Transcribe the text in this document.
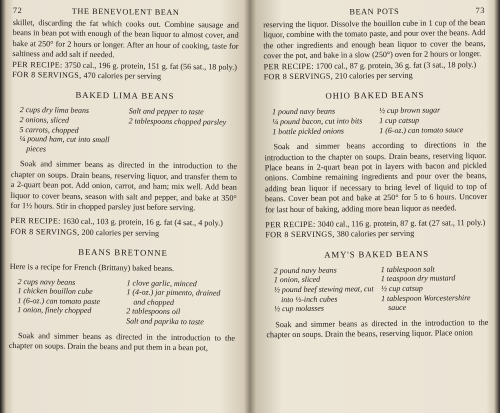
72	THE BENEVOLENT BEAN

skillet, discarding the fat which cooks out. Combine sausage and beans in bean pot with enough of the bean liquor to almost cover, and bake at 250° for 2 hours or longer. After an hour of cooking, taste for saltiness and add salt if needed.

PER RECIPE: 3750 cal., 196 g. protein, 151 g. fat (56 sat., 18 poly.)

FOR 8 SERVINGS, 470 calories per serving

BAKED LIMA BEANS
2 cups dry lima beans
2 onions, sliced
5 carrots, chopped
¼ pound ham, cut into small pieces
Salt and pepper to taste
2 tablespoons chopped parsley

Soak and simmer beans as directed in the introduction to the chapter on soups. Drain beans, reserving liquor, and transfer them to a 2-quart bean pot. Add onion, carrot, and ham; mix well. Add bean liquor to cover beans, season with salt and pepper, and bake at 350° for 1½ hours. Stir in chopped parsley just before serving.

PER RECIPE: 1630 cal., 103 g. protein, 16 g. fat (4 sat., 4 poly.)

FOR 8 SERVINGS, 200 calories per serving

BEANS BRETONNE

Here is a recipe for French (Brittany) baked beans.

2 cups navy beans
1 chicken bouillon cube
1 (6-oz.) can tomato paste
1 onion, finely chopped
1 clove garlic, minced
1 (4-oz.) jar pimento, drained and chopped
2 tablespoons oil
Salt and paprika to taste

Soak and simmer beans as directed in the introduction to the chapter on soups. Drain the beans and put them in a bean pot,

BEAN POTS	73

reserving the liquor. Dissolve the bouillon cube in 1 cup of the bean liquor, combine with the tomato paste, and pour over the beans. Add the other ingredients and enough bean liquor to cover the beans, cover the pot, and bake in a slow (250°) oven for 2 hours or longer.

PER RECIPE: 1700 cal., 87 g. protein, 36 g. fat (3 sat., 18 poly.)

FOR 8 SERVINGS, 210 calories per serving

OHIO BAKED BEANS
1 pound navy beans
¼ pound bacon, cut into bits
1 bottle pickled onions
½ cup brown sugar
1 cup catsup
1 (6-oz.) can tomato sauce

Soak and simmer beans according to directions in the introduction to the chapter on soups. Drain beans, reserving liquor. Place beans in 2-quart bean pot in layers with bacon and pickled onions. Combine remaining ingredients and pour over the beans, adding bean liquor if necessary to bring level of liquid to top of beans. Cover bean pot and bake at 250° for 5 to 6 hours. Uncover for last hour of baking, adding more bean liquor as needed.

PER RECIPE: 3040 cal., 116 g. protein, 87 g. fat (27 sat., 11 poly.)

FOR 8 SERVINGS, 380 calories per serving

AMY'S BAKED BEANS
2 pound navy beans
1 onion, sliced
½ pound beef stewing meat, cut into ½-inch cubes
½ cup molasses
1 tablespoon salt
1 teaspoon dry mustard
½ cup catsup
1 tablespoon Worcestershire sauce

Soak and simmer beans as directed in the introduction to the chapter on soups. Drain the beans, reserving liquor. Place onion
